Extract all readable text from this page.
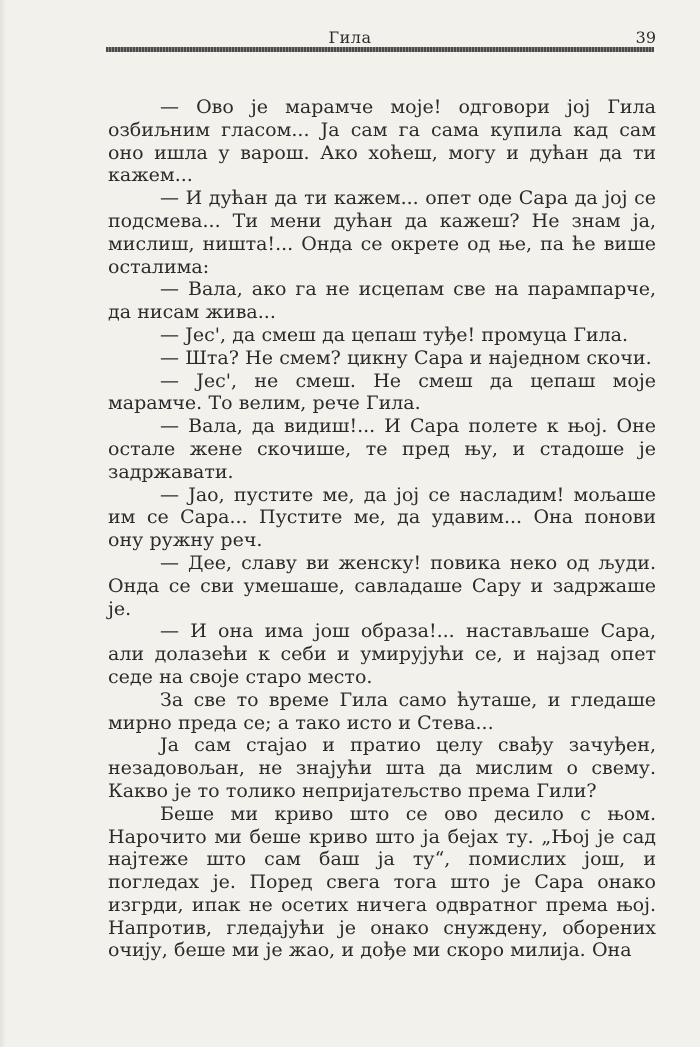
Гила	39

— Ово је марамче моје! одговори јој Гила озбиљним гласом... Ја сам га сама купила кад сам оно ишла у варош. Ако хоћеш, могу и дућан да ти кажем...

— И дућан да ти кажем... опет оде Сара да јој се подсмева... Ти мени дућан да кажеш? Не знам ја, мислиш, ништа!... Онда се окрете од ње, па ће више осталима:

— Вала, ако га не исцепам све на парампарче, да нисам жива...

— Јес', да смеш да цепаш туђе! промуца Гила.

— Шта? Не смем? цикну Сара и наједном скочи.

— Јес', не смеш. Не смеш да цепаш моје марамче. То велим, рече Гила.

— Вала, да видиш!... И Сара полете к њој. Оне остале жене скочише, те пред њу, и стадоше је задржавати.

— Јао, пустите ме, да јој се насладим! мољаше им се Сара... Пустите ме, да удавим... Она понови ону ружну реч.

— Дее, славу ви женску! повика неко од људи. Онда се сви умешаше, савладаше Сару и задржаше је.

— И она има још образа!... настављаше Сара, али долазећи к себи и умирујући се, и најзад опет седе на своје старо место.

За све то време Гила само ћуташе, и гледаше мирно преда се; а тако исто и Стева...

Ја сам стајао и пратио целу свађу зачуђен, незадовољан, не знајући шта да мислим о свему. Какво је то толико непријатељство према Гили?

Беше ми криво што се ово десило с њом. Нарочито ми беше криво што ја бејах ту. „Њој је сад најтеже што сам баш ја ту“, помислих још, и погледах је. Поред свега тога што је Сара онако изгрди, ипак не осетих ничега одвратног према њој. Напротив, гледајући је онако снуждену, оборених очију, беше ми је жао, и дође ми скоро милија. Она
